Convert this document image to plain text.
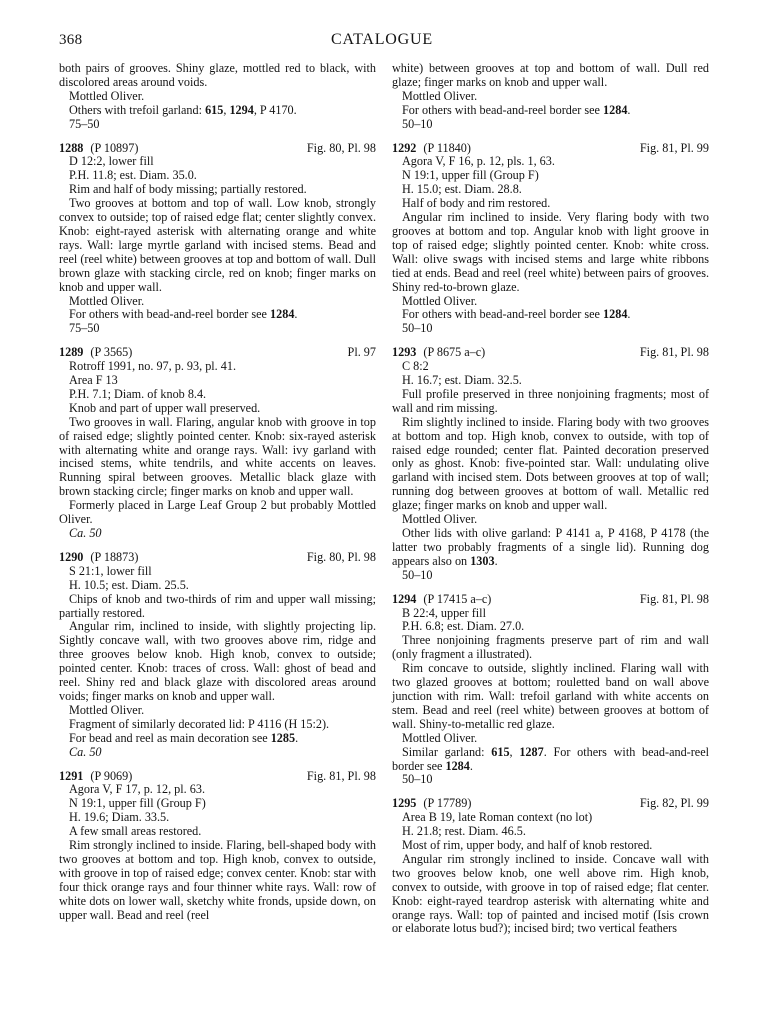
368	CATALOGUE

both pairs of grooves. Shiny glaze, mottled red to black, with discolored areas around voids.

Mottled Oliver.

Others with trefoil garland: 615, 1294, P 4170.

75–50

1288 (P 10897)	Fig. 80, Pl. 98

D 12:2, lower fill

P.H. 11.8; est. Diam. 35.0.

Rim and half of body missing; partially restored.

Two grooves at bottom and top of wall. Low knob, strongly convex to outside; top of raised edge flat; center slightly convex. Knob: eight-rayed asterisk with alternating orange and white rays. Wall: large myrtle garland with incised stems. Bead and reel (reel white) between grooves at top and bottom of wall. Dull brown glaze with stacking circle, red on knob; finger marks on knob and upper wall.

Mottled Oliver.

For others with bead-and-reel border see 1284.

75–50

1289 (P 3565)	Pl. 97

Rotroff 1991, no. 97, p. 93, pl. 41.

Area F 13

P.H. 7.1; Diam. of knob 8.4.

Knob and part of upper wall preserved.

Two grooves in wall. Flaring, angular knob with groove in top of raised edge; slightly pointed center. Knob: six-rayed asterisk with alternating white and orange rays. Wall: ivy garland with incised stems, white tendrils, and white accents on leaves. Running spiral between grooves. Metallic black glaze with brown stacking circle; finger marks on knob and upper wall.

Formerly placed in Large Leaf Group 2 but probably Mottled Oliver.

Ca. 50

1290 (P 18873)	Fig. 80, Pl. 98

S 21:1, lower fill

H. 10.5; est. Diam. 25.5.

Chips of knob and two-thirds of rim and upper wall missing; partially restored.

Angular rim, inclined to inside, with slightly projecting lip. Sightly concave wall, with two grooves above rim, ridge and three grooves below knob. High knob, convex to outside; pointed center. Knob: traces of cross. Wall: ghost of bead and reel. Shiny red and black glaze with discolored areas around voids; finger marks on knob and upper wall.

Mottled Oliver.

Fragment of similarly decorated lid: P 4116 (H 15:2).

For bead and reel as main decoration see 1285.

Ca. 50

1291 (P 9069)	Fig. 81, Pl. 98

Agora V, F 17, p. 12, pl. 63.

N 19:1, upper fill (Group F)

H. 19.6; Diam. 33.5.

A few small areas restored.

Rim strongly inclined to inside. Flaring, bell-shaped body with two grooves at bottom and top. High knob, convex to outside, with groove in top of raised edge; convex center. Knob: star with four thick orange rays and four thinner white rays. Wall: row of white dots on lower wall, sketchy white fronds, upside down, on upper wall. Bead and reel (reel

white) between grooves at top and bottom of wall. Dull red glaze; finger marks on knob and upper wall.

Mottled Oliver.

For others with bead-and-reel border see 1284.

50–10

1292 (P 11840)	Fig. 81, Pl. 99

Agora V, F 16, p. 12, pls. 1, 63.

N 19:1, upper fill (Group F)

H. 15.0; est. Diam. 28.8.

Half of body and rim restored.

Angular rim inclined to inside. Very flaring body with two grooves at bottom and top. Angular knob with light groove in top of raised edge; slightly pointed center. Knob: white cross. Wall: olive swags with incised stems and large white ribbons tied at ends. Bead and reel (reel white) between pairs of grooves. Shiny red-to-brown glaze.

Mottled Oliver.

For others with bead-and-reel border see 1284.

50–10

1293 (P 8675 a–c)	Fig. 81, Pl. 98

C 8:2

H. 16.7; est. Diam. 32.5.

Full profile preserved in three nonjoining fragments; most of wall and rim missing.

Rim slightly inclined to inside. Flaring body with two grooves at bottom and top. High knob, convex to outside, with top of raised edge rounded; center flat. Painted decoration preserved only as ghost. Knob: five-pointed star. Wall: undulating olive garland with incised stem. Dots between grooves at top of wall; running dog between grooves at bottom of wall. Metallic red glaze; finger marks on knob and upper wall.

Mottled Oliver.

Other lids with olive garland: P 4141 a, P 4168, P 4178 (the latter two probably fragments of a single lid). Running dog appears also on 1303.

50–10

1294 (P 17415 a–c)	Fig. 81, Pl. 98

B 22:4, upper fill

P.H. 6.8; est. Diam. 27.0.

Three nonjoining fragments preserve part of rim and wall (only fragment a illustrated).

Rim concave to outside, slightly inclined. Flaring wall with two glazed grooves at bottom; rouletted band on wall above junction with rim. Wall: trefoil garland with white accents on stem. Bead and reel (reel white) between grooves at bottom of wall. Shiny-to-metallic red glaze.

Mottled Oliver.

Similar garland: 615, 1287. For others with bead-and-reel border see 1284.

50–10

1295 (P 17789)	Fig. 82, Pl. 99

Area B 19, late Roman context (no lot)

H. 21.8; rest. Diam. 46.5.

Most of rim, upper body, and half of knob restored.

Angular rim strongly inclined to inside. Concave wall with two grooves below knob, one well above rim. High knob, convex to outside, with groove in top of raised edge; flat center. Knob: eight-rayed teardrop asterisk with alternating white and orange rays. Wall: top of painted and incised motif (Isis crown or elaborate lotus bud?); incised bird; two vertical feathers
